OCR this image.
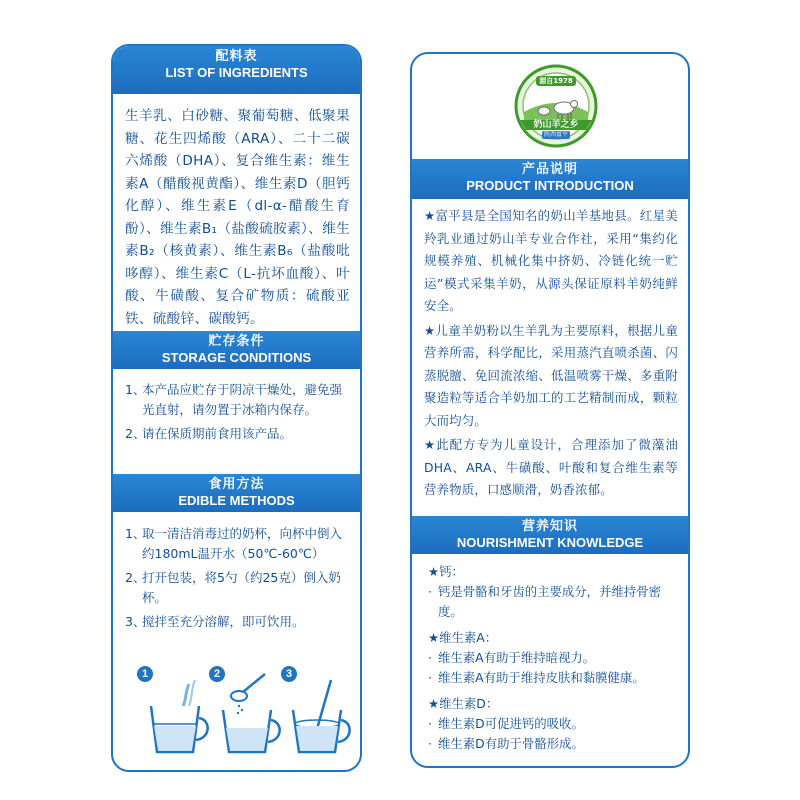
配料表
LIST OF INGREDIENTS
生羊乳、白砂糖、聚葡萄糖、低聚果糖、花生四烯酸（ARA）、二十二碳六烯酸（DHA）、复合维生素：维生素A（醋酸视黄酯）、维生素D（胆钙化醇）、维生素E（dl-α-醋酸生育酚）、维生素B₁（盐酸硫胺素）、维生素B₂（核黄素）、维生素B₆（盐酸吡哆醇）、维生素C（L-抗坏血酸）、叶酸、牛磺酸、复合矿物质：硫酸亚铁、硫酸锌、碳酸钙。
贮存条件
STORAGE CONDITIONS
1、
本产品应贮存于阴凉干燥处，避免强光直射，请勿置于冰箱内保存。
2、
请在保质期前食用该产品。
食用方法
EDIBLE METHODS
1、
取一清洁消毒过的奶杯，向杯中倒入约180mL温开水（50℃-60℃）
2、
打开包装，将5勺（约25克）倒入奶杯。
3、
搅拌至充分溶解，即可饮用。
1	2	3
源自1978
奶山羊之乡
陕西富平
产品说明
PRODUCT INTRODUCTION

★富平县是全国知名的奶山羊基地县。红星美羚乳业通过奶山羊专业合作社，采用“集约化规模养殖、机械化集中挤奶、冷链化统一贮运”模式采集羊奶，从源头保证原料羊奶纯鲜安全。

★儿童羊奶粉以生羊乳为主要原料，根据儿童营养所需，科学配比，采用蒸汽直喷杀菌、闪蒸脱膻、免回流浓缩、低温喷雾干燥、多重附聚造粒等适合羊奶加工的工艺精制而成，颗粒大而均匀。

★此配方专为儿童设计，合理添加了微藻油DHA、ARA、牛磺酸、叶酸和复合维生素等营养物质，口感顺滑，奶香浓郁。

营养知识
NOURISHMENT KNOWLEDGE
★钙：
· 钙是骨骼和牙齿的主要成分，并维持骨密度。
★维生素A：
· 维生素A有助于维持暗视力。
· 维生素A有助于维持皮肤和黏膜健康。
★维生素D：
· 维生素D可促进钙的吸收。
· 维生素D有助于骨骼形成。
